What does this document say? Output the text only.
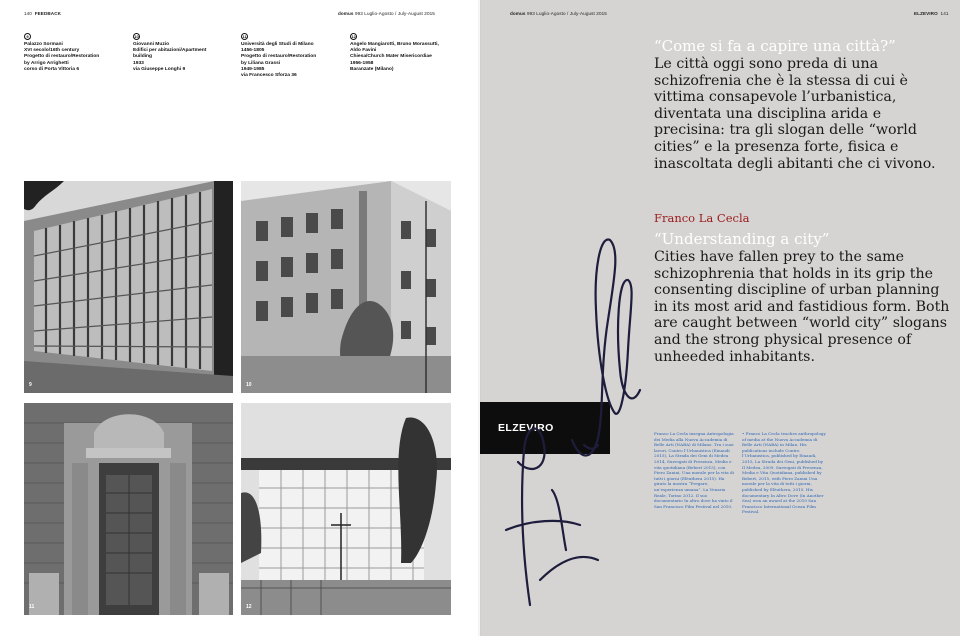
140 FEEDBACK	domus 993 Luglio-Agosto / July-August 2015
9
Palazzo Sormani
XVI secolo/16th century
Progetto di restauro/Restoration
by Arrigo Arrighetti
corso di Porta Vittoria 6
10
Giovanni Muzio
Edifici per abitazioni/Apartment
building
1933
via Giuseppe Longhi 9
11
Università degli Studi di Milano
1456-1805
Progetto di restauro/Restoration
by Liliana Grassi
1949-1985
via Francesco Sforza 36
12
Angelo Mangiarotti, Bruno Morassutti,
Aldo Favini
Chiesa/Church Mater Misericordiae
1956-1958
Baranzate (Milano)
9	10
11	12
domus 993 Luglio-Agosto / July-August 2015	ELZEVIRO 141
“Come si fa a capire una città?”
Le città oggi sono preda di una schizofrenia che è la stessa di cui è vittima consapevole l’urbanistica, diventata una disciplina arida e precisina: tra gli slogan delle “world cities” e la presenza forte, fisica e inascoltata degli abitanti che ci vivono.
Franco La Cecla
“Understanding a city”
Cities have fallen prey to the same schizophrenia that holds in its grip the consenting discipline of urban planning in its most arid and fastidious form. Both are caught between “world city” slogans and the strong physical presence of unheeded inhabitants.
ELZEVIRO	Franco La Cecla insegna Antropologia dei Media alla Nuova Accademia di Belle Arti (NABA) di Milano. Tra i suoi lavori, Contro l’Urbanistica (Einaudi 2015), La Strada dei Geni di Medea 2014, Surrogati di Presenza, Media e vita quotidiana (Bebert 2015), con Piero Zanini, Una morale per la vita di tutti i giorni (Elèuthera 2015). Ha girato la mostra “Pregare, un’esperienza umana”. La Venaria Reale, Torino 2012. Il suo documentario In altro dove ha vinto il San Francisco Film Festival nel 2010.
• Franco La Cecla teaches anthropology of media at the Nuova Accademia di Belle Arti (NABA) in Milan. His publications include Contro l’Urbanistica, published by Einaudi, 2015, La Strada dei Geni, published by Il Medea, 2009, Surrogati di Presenza, Media e Vita Quotidiana, published by Bebert, 2015, with Piero Zanini Una morale per la vita di tutti i giorni, published by Elèuthera, 2015. His documentary In Altro Dove (In Another Sea) won an award at the 2010 San Francisco International Ocean Film Festival.
